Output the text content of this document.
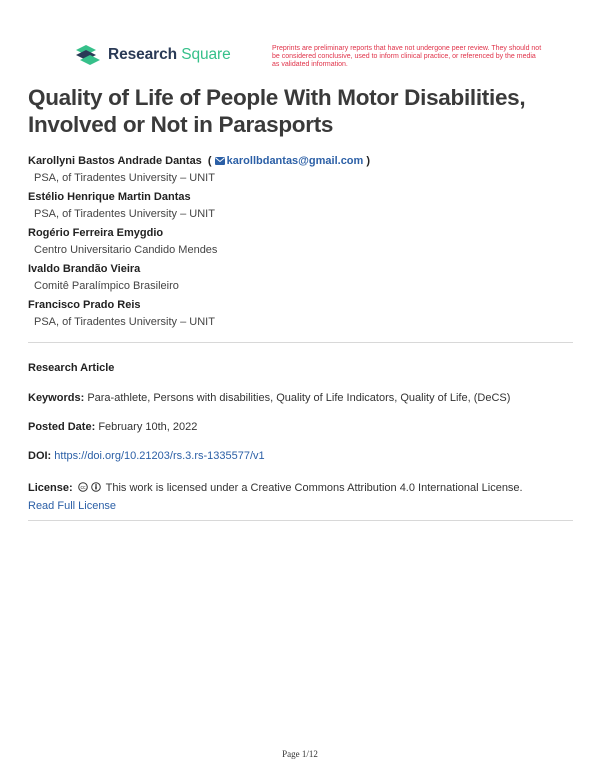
Research Square	Preprints are preliminary reports that have not undergone peer review. They should not be considered conclusive, used to inform clinical practice, or referenced by the media as validated information.
Quality of Life of People With Motor Disabilities, Involved or Not in Parasports
Karollyni Bastos Andrade Dantas  ( karollbdantas@gmail.com )
PSA, of Tiradentes University – UNIT
Estélio Henrique Martin Dantas
PSA, of Tiradentes University – UNIT
Rogério Ferreira Emygdio
Centro Universitario Candido Mendes
Ivaldo Brandão Vieira
Comitê Paralímpico Brasileiro
Francisco Prado Reis
PSA, of Tiradentes University – UNIT
Research Article
Keywords: Para-athlete, Persons with disabilities, Quality of Life Indicators, Quality of Life, (DeCS)
Posted Date: February 10th, 2022
DOI: https://doi.org/10.21203/rs.3.rs-1335577/v1
License: cc This work is licensed under a Creative Commons Attribution 4.0 International License.
Read Full License
Page 1/12
